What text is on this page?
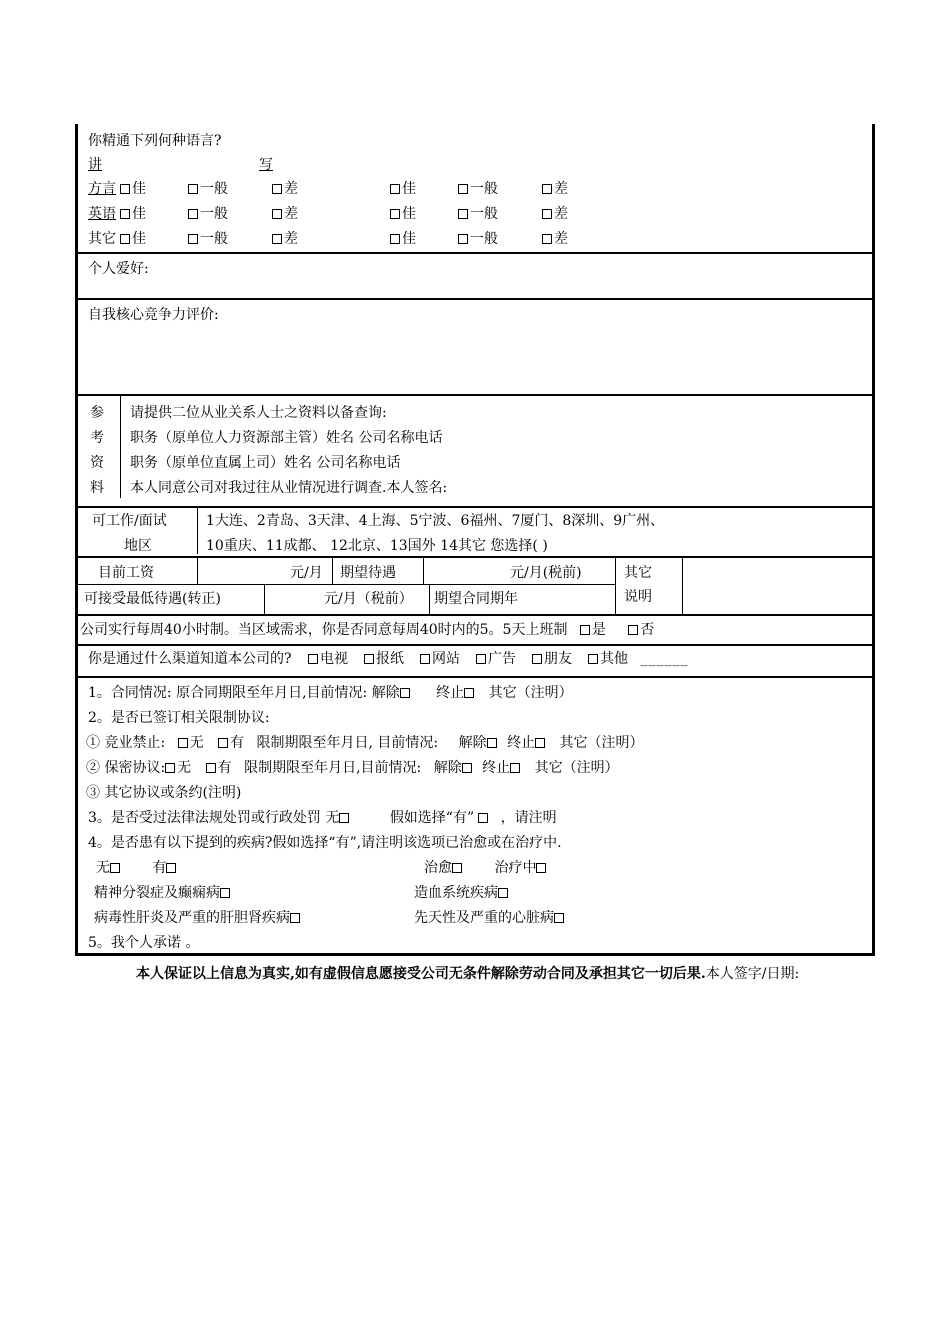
你精通下列何种语言?
讲	写
方言	佳	一般	差	佳	一般	差
英语	佳	一般	差	佳	一般	差
其它	佳	一般	差	佳	一般	差
个人爱好:
自我核心竞争力评价:
参
考
资
料
请提供二位从业关系人士之资料以备查询:
职务（原单位人力资源部主管）姓名 公司名称电话
职务（原单位直属上司）姓名 公司名称电话
本人同意公司对我过往从业情况进行调查.本人签名:
可工作/面试
地区
1大连、2青岛、3天津、4上海、5宁波、6福州、7厦门、8深圳、9广州、
10重庆、11成都、 12北京、13国外 14其它 您选择( )
目前工资	元/月 期望待遇	元/月(税前)	其它
说明
可接受最低待遇(转正)	元/月（税前） 期望合同期年
公司实行每周40小时制。当区域需求，你是否同意每周40时内的5。5天上班制 是 否
你是通过什么渠道知道本公司的? 电视 报纸 网站 广告 朋友 其他 ______
1。合同情况: 原合同期限至年月日,目前情况: 解除	终止 其它（注明）
2。是否已签订相关限制协议:
① 竞业禁止: 无 有 限制期限至年月日, 目前情况: 解除 终止 其它（注明）
② 保密协议: 无 有 限制期限至年月日,目前情况: 解除 终止 其它（注明）
③ 其它协议或条约(注明)
3。是否受过法律法规处罚或行政处罚 无	假如选择“有” ，请注明
4。是否患有以下提到的疾病?假如选择“有”,请注明该选项已治愈或在治疗中.
无	有	治愈	治疗中
精神分裂症及癫痫病	造血系统疾病
病毒性肝炎及严重的肝胆肾疾病	先天性及严重的心脏病
5。我个人承诺 。
本人保证以上信息为真实,如有虚假信息愿接受公司无条件解除劳动合同及承担其它一切后果.本人签字/日期:
